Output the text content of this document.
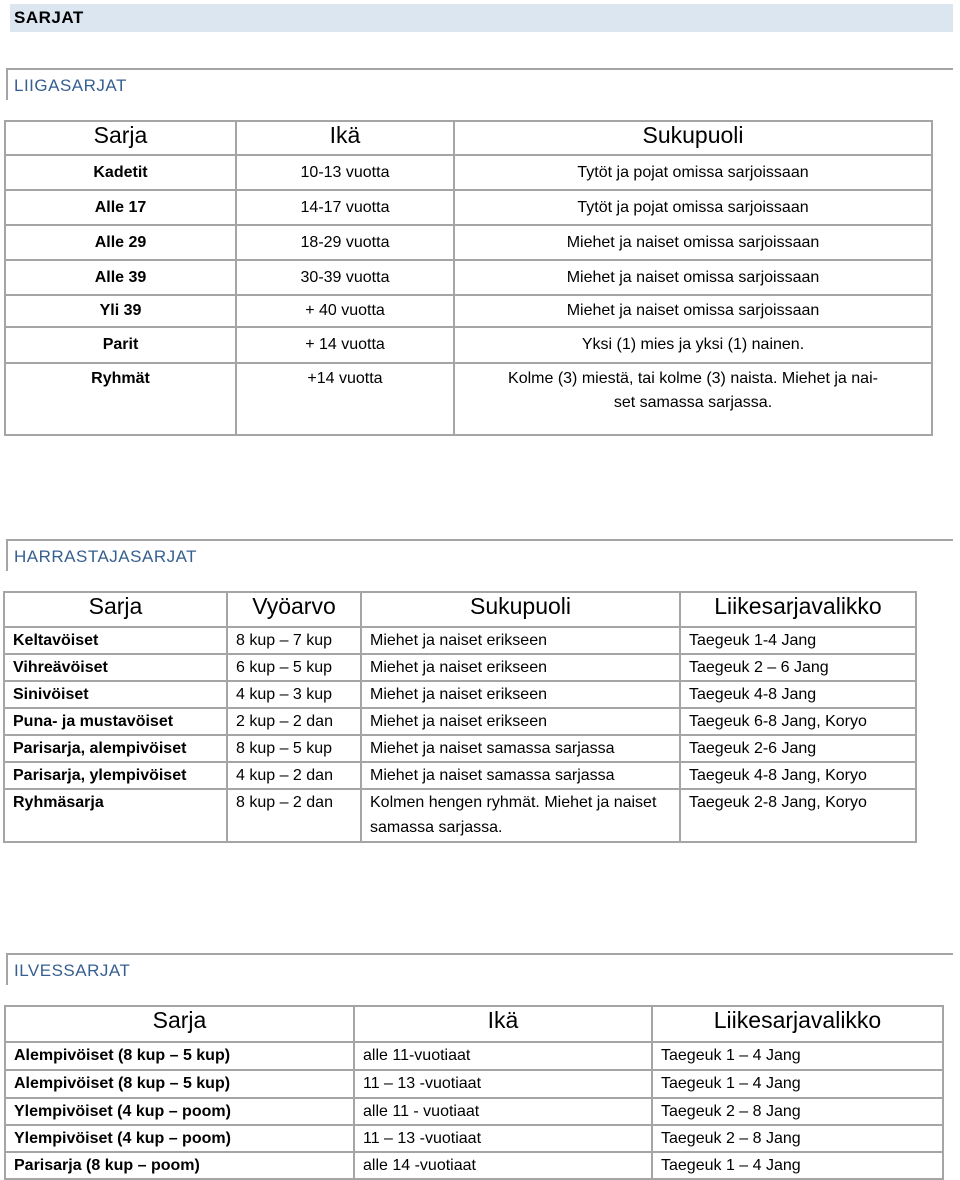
SARJAT
LIIGASARJAT
Sarja	Ikä	Sukupuoli
Kadetit	10-13 vuotta	Tytöt ja pojat omissa sarjoissaan
Alle 17	14-17 vuotta	Tytöt ja pojat omissa sarjoissaan
Alle 29	18-29 vuotta	Miehet ja naiset omissa sarjoissaan
Alle 39	30-39 vuotta	Miehet ja naiset omissa sarjoissaan
Yli 39	+ 40 vuotta	Miehet ja naiset omissa sarjoissaan
Parit	+ 14 vuotta	Yksi (1) mies ja yksi (1) nainen.
Ryhmät	+14 vuotta	Kolme (3) miestä, tai kolme (3) naista. Miehet ja nai-
set samassa sarjassa.
HARRASTAJASARJAT
Sarja	Vyöarvo	Sukupuoli	Liikesarjavalikko
Keltavöiset	8 kup – 7 kup	Miehet ja naiset erikseen	Taegeuk 1-4 Jang
Vihreävöiset	6 kup – 5 kup	Miehet ja naiset erikseen	Taegeuk 2 – 6 Jang
Sinivöiset	4 kup – 3 kup	Miehet ja naiset erikseen	Taegeuk 4-8 Jang
Puna- ja mustavöiset	2 kup – 2 dan	Miehet ja naiset erikseen	Taegeuk 6-8 Jang, Koryo
Parisarja, alempivöiset	8 kup – 5 kup	Miehet ja naiset samassa sarjassa	Taegeuk 2-6 Jang
Parisarja, ylempivöiset	4 kup – 2 dan	Miehet ja naiset samassa sarjassa	Taegeuk 4-8 Jang, Koryo
Ryhmäsarja	8 kup – 2 dan	Kolmen hengen ryhmät. Miehet ja naiset samassa sarjassa.	Taegeuk 2-8 Jang, Koryo
ILVESSARJAT
Sarja	Ikä	Liikesarjavalikko
Alempivöiset (8 kup – 5 kup)	alle 11-vuotiaat	Taegeuk 1 – 4 Jang
Alempivöiset (8 kup – 5 kup)	11 – 13 -vuotiaat	Taegeuk 1 – 4 Jang
Ylempivöiset (4 kup – poom)	alle 11 - vuotiaat	Taegeuk 2 – 8 Jang
Ylempivöiset (4 kup – poom)	11 – 13 -vuotiaat	Taegeuk 2 – 8 Jang
Parisarja (8 kup – poom)	alle 14 -vuotiaat	Taegeuk 1 – 4 Jang
